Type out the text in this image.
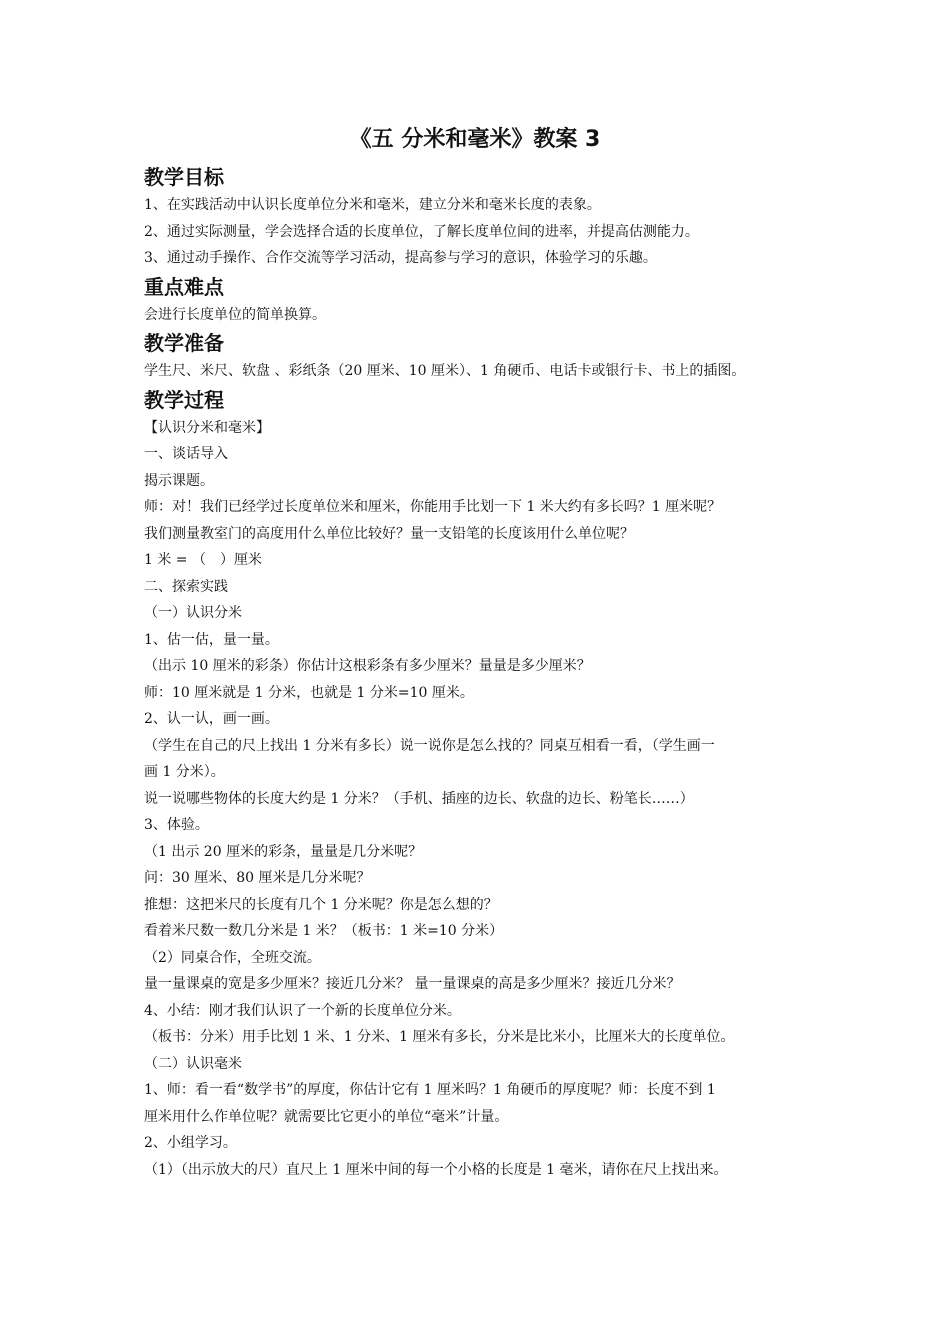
《五 分米和毫米》教案 3
教学目标

1、在实践活动中认识长度单位分米和毫米，建立分米和毫米长度的表象。

2、通过实际测量，学会选择合适的长度单位，了解长度单位间的进率，并提高估测能力。

3、通过动手操作、合作交流等学习活动，提高参与学习的意识，体验学习的乐趣。

重点难点

会进行长度单位的简单换算。

教学准备

学生尺、米尺、软盘 、彩纸条（20 厘米、10 厘米）、1 角硬币、电话卡或银行卡、书上的插图。

教学过程

【认识分米和毫米】

一、谈话导入

揭示课题。

师：对！我们已经学过长度单位米和厘米，你能用手比划一下 1 米大约有多长吗？1 厘米呢？

我们测量教室门的高度用什么单位比较好？量一支铅笔的长度该用什么单位呢？

1 米 = （　）厘米

二、探索实践

（一）认识分米

1、估一估，量一量。

（出示 10 厘米的彩条）你估计这根彩条有多少厘米？量量是多少厘米？

师：10 厘米就是 1 分米，也就是 1 分米=10 厘米。

2、认一认，画一画。

（学生在自己的尺上找出 1 分米有多长）说一说你是怎么找的？同桌互相看一看，（学生画一

画 1 分米）。

说一说哪些物体的长度大约是 1 分米？（手机、插座的边长、软盘的边长、粉笔长……）

3、体验。

（1 出示 20 厘米的彩条，量量是几分米呢？

问：30 厘米、80 厘米是几分米呢？

推想：这把米尺的长度有几个 1 分米呢？你是怎么想的？

看着米尺数一数几分米是 1 米？（板书：1 米=10 分米）

（2）同桌合作，全班交流。

量一量课桌的宽是多少厘米？接近几分米？ 量一量课桌的高是多少厘米？接近几分米？

4、小结：刚才我们认识了一个新的长度单位分米。

（板书：分米）用手比划 1 米、1 分米、1 厘米有多长，分米是比米小，比厘米大的长度单位。

（二）认识毫米

1、师：看一看“数学书”的厚度，你估计它有 1 厘米吗？1 角硬币的厚度呢？师：长度不到 1

厘米用什么作单位呢？就需要比它更小的单位“毫米”计量。

2、小组学习。

（1）（出示放大的尺）直尺上 1 厘米中间的每一个小格的长度是 1 毫米，请你在尺上找出来。
